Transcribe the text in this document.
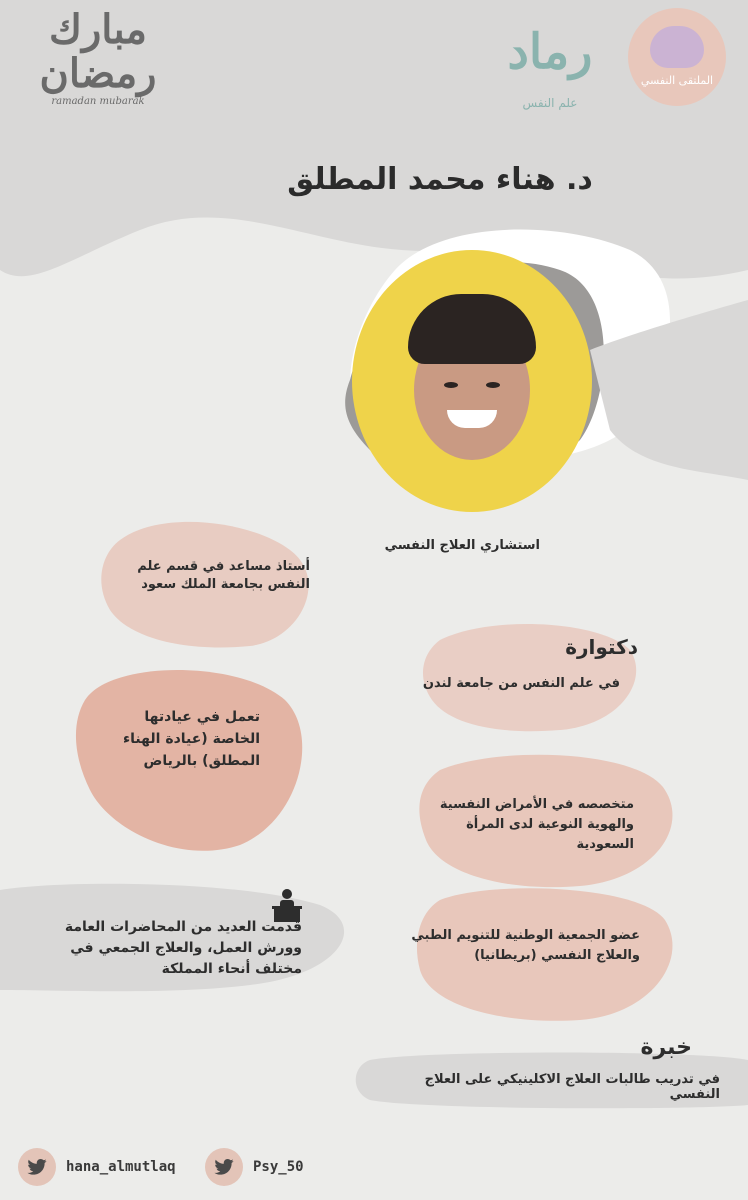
مبارك رمضان
ramadan mubarak
رماد
علم النفس
الملتقى النفسي
د. هناء محمد المطلق
استشاري العلاج النفسي
أستاذ مساعد في قسم علم النفس بجامعة الملك سعود
دكتوارة
في علم النفس من جامعة لندن
تعمل في عيادتها الخاصة (عيادة الهناء المطلق) بالرياض
متخصصه في الأمراض النفسية والهوية النوعية لدى المرأة السعودية
قدمت العديد من المحاضرات العامة وورش العمل، والعلاج الجمعي في مختلف أنحاء المملكة
عضو الجمعية الوطنية للتنويم الطبي والعلاج النفسي (بريطانيا)
خبرة
في تدريب طالبات العلاج الاكلينيكي على العلاج النفسي
hana_almutlaq	Psy_50
